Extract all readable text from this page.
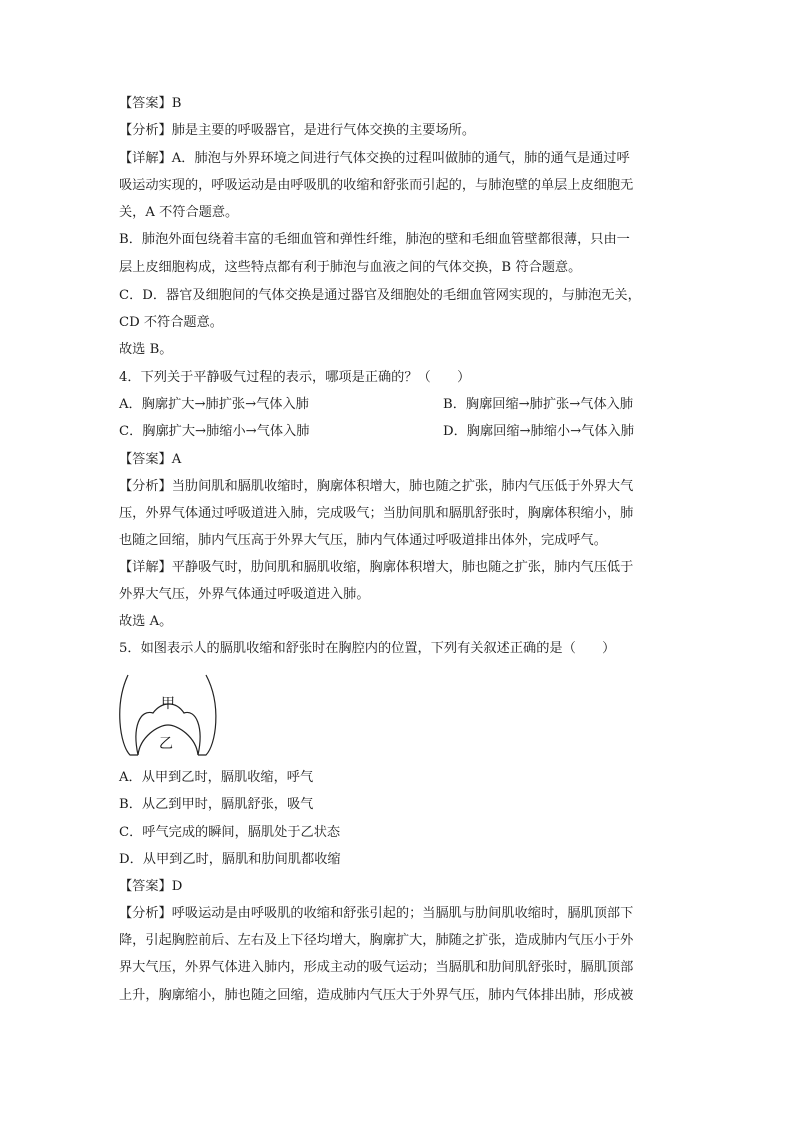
【答案】B
【分析】肺是主要的呼吸器官，是进行气体交换的主要场所。
【详解】A．肺泡与外界环境之间进行气体交换的过程叫做肺的通气，肺的通气是通过呼
吸运动实现的，呼吸运动是由呼吸肌的收缩和舒张而引起的，与肺泡壁的单层上皮细胞无
关，A 不符合题意。
B．肺泡外面包绕着丰富的毛细血管和弹性纤维，肺泡的壁和毛细血管壁都很薄，只由一
层上皮细胞构成，这些特点都有利于肺泡与血液之间的气体交换，B 符合题意。
C．D．器官及细胞间的气体交换是通过器官及细胞处的毛细血管网实现的，与肺泡无关，
CD 不符合题意。
故选 B。
4．下列关于平静吸气过程的表示，哪项是正确的？（　　）
A．胸廓扩大→肺扩张→气体入肺	B．胸廓回缩→肺扩张→气体入肺
C．胸廓扩大→肺缩小→气体入肺	D．胸廓回缩→肺缩小→气体入肺
【答案】A
【分析】当肋间肌和膈肌收缩时，胸廓体积增大，肺也随之扩张，肺内气压低于外界大气
压，外界气体通过呼吸道进入肺，完成吸气；当肋间肌和膈肌舒张时，胸廓体积缩小，肺
也随之回缩，肺内气压高于外界大气压，肺内气体通过呼吸道排出体外，完成呼气。
【详解】平静吸气时，肋间肌和膈肌收缩，胸廓体积增大，肺也随之扩张，肺内气压低于
外界大气压，外界气体通过呼吸道进入肺。
故选 A。
5．如图表示人的膈肌收缩和舒张时在胸腔内的位置，下列有关叙述正确的是（　　）
甲
乙
A．从甲到乙时，膈肌收缩，呼气
B．从乙到甲时，膈肌舒张，吸气
C．呼气完成的瞬间，膈肌处于乙状态
D．从甲到乙时，膈肌和肋间肌都收缩
【答案】D
【分析】呼吸运动是由呼吸肌的收缩和舒张引起的；当膈肌与肋间肌收缩时，膈肌顶部下
降，引起胸腔前后、左右及上下径均增大，胸廓扩大，肺随之扩张，造成肺内气压小于外
界大气压，外界气体进入肺内，形成主动的吸气运动；当膈肌和肋间肌舒张时，膈肌顶部
上升，胸廓缩小，肺也随之回缩，造成肺内气压大于外界气压，肺内气体排出肺，形成被
